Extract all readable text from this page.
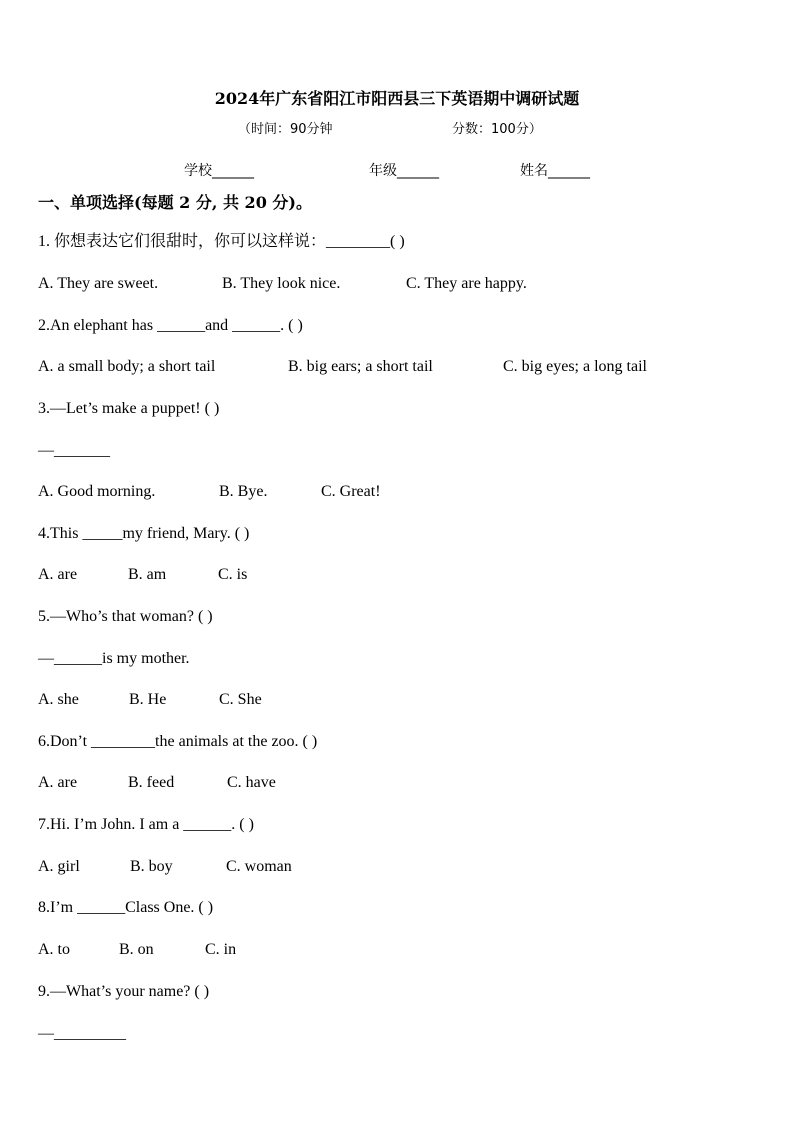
2024年广东省阳江市阳西县三下英语期中调研试题
（时间：90分钟	分数：100分）
学校______	年级______	姓名______
一、单项选择(每题 2 分, 共 20 分)。
1. 你想表达它们很甜时，你可以这样说：________( )
A. They are sweet.	B. They look nice.	C. They are happy.
2.An elephant has ______and ______. ( )
A. a small body; a short tail	B. big ears; a short tail	C. big eyes; a long tail
3.—Let’s make a puppet! ( )
—_______
A. Good morning.	B. Bye.	C. Great!
4.This _____my friend, Mary. ( )
A. are	B. am	C. is
5.—Who’s that woman? ( )
—______is my mother.
A. she	B. He	C. She
6.Don’t ________the animals at the zoo. ( )
A. are	B. feed	C. have
7.Hi. I’m John. I am a ______. ( )
A. girl	B. boy	C. woman
8.I’m ______Class One. ( )
A. to	B. on	C. in
9.—What’s your name? ( )
—_________
